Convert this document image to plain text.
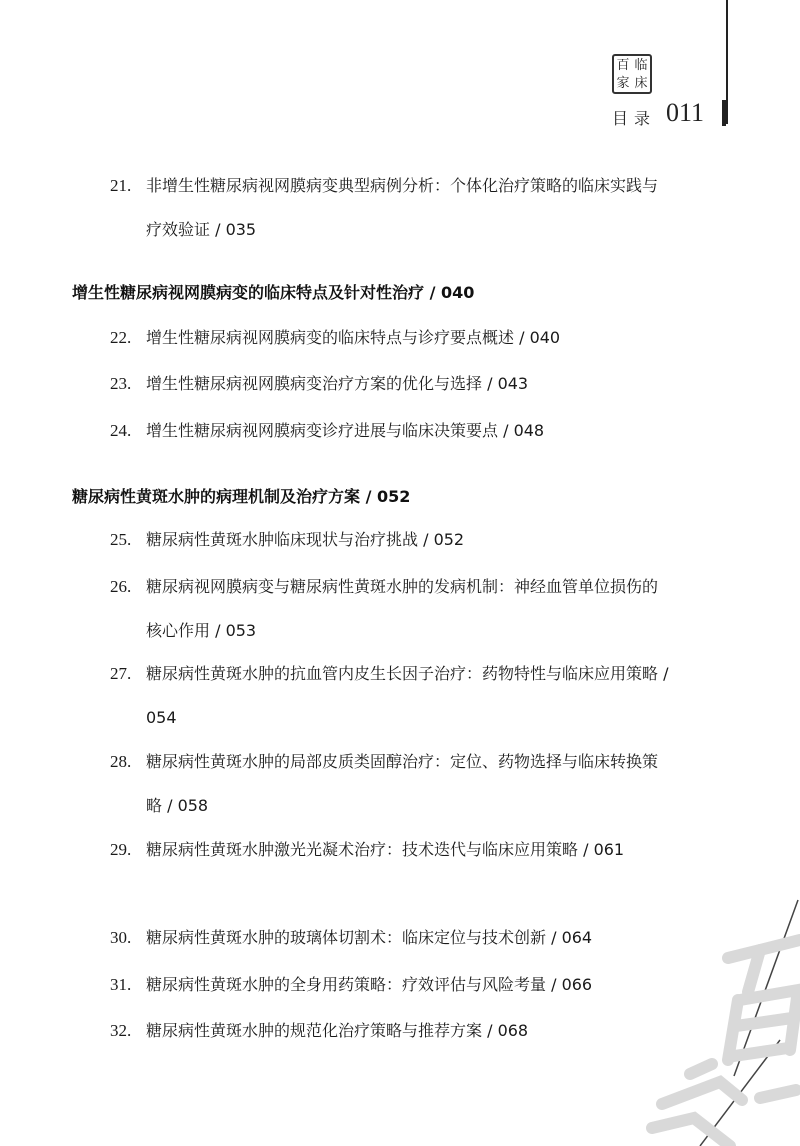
百 临
家 床
目录 011
21. 非增生性糖尿病视网膜病变典型病例分析：个体化治疗策略的临床实践与疗效验证 / 035
增生性糖尿病视网膜病变的临床特点及针对性治疗 / 040
22. 增生性糖尿病视网膜病变的临床特点与诊疗要点概述 / 040
23. 增生性糖尿病视网膜病变治疗方案的优化与选择 / 043
24. 增生性糖尿病视网膜病变诊疗进展与临床决策要点 / 048
糖尿病性黄斑水肿的病理机制及治疗方案 / 052
25. 糖尿病性黄斑水肿临床现状与治疗挑战 / 052
26. 糖尿病视网膜病变与糖尿病性黄斑水肿的发病机制：神经血管单位损伤的核心作用 / 053
27. 糖尿病性黄斑水肿的抗血管内皮生长因子治疗：药物特性与临床应用策略 / 054
28. 糖尿病性黄斑水肿的局部皮质类固醇治疗：定位、药物选择与临床转换策略 / 058
29. 糖尿病性黄斑水肿激光光凝术治疗：技术迭代与临床应用策略 / 061
30. 糖尿病性黄斑水肿的玻璃体切割术：临床定位与技术创新 / 064
31. 糖尿病性黄斑水肿的全身用药策略：疗效评估与风险考量 / 066
32. 糖尿病性黄斑水肿的规范化治疗策略与推荐方案 / 068
